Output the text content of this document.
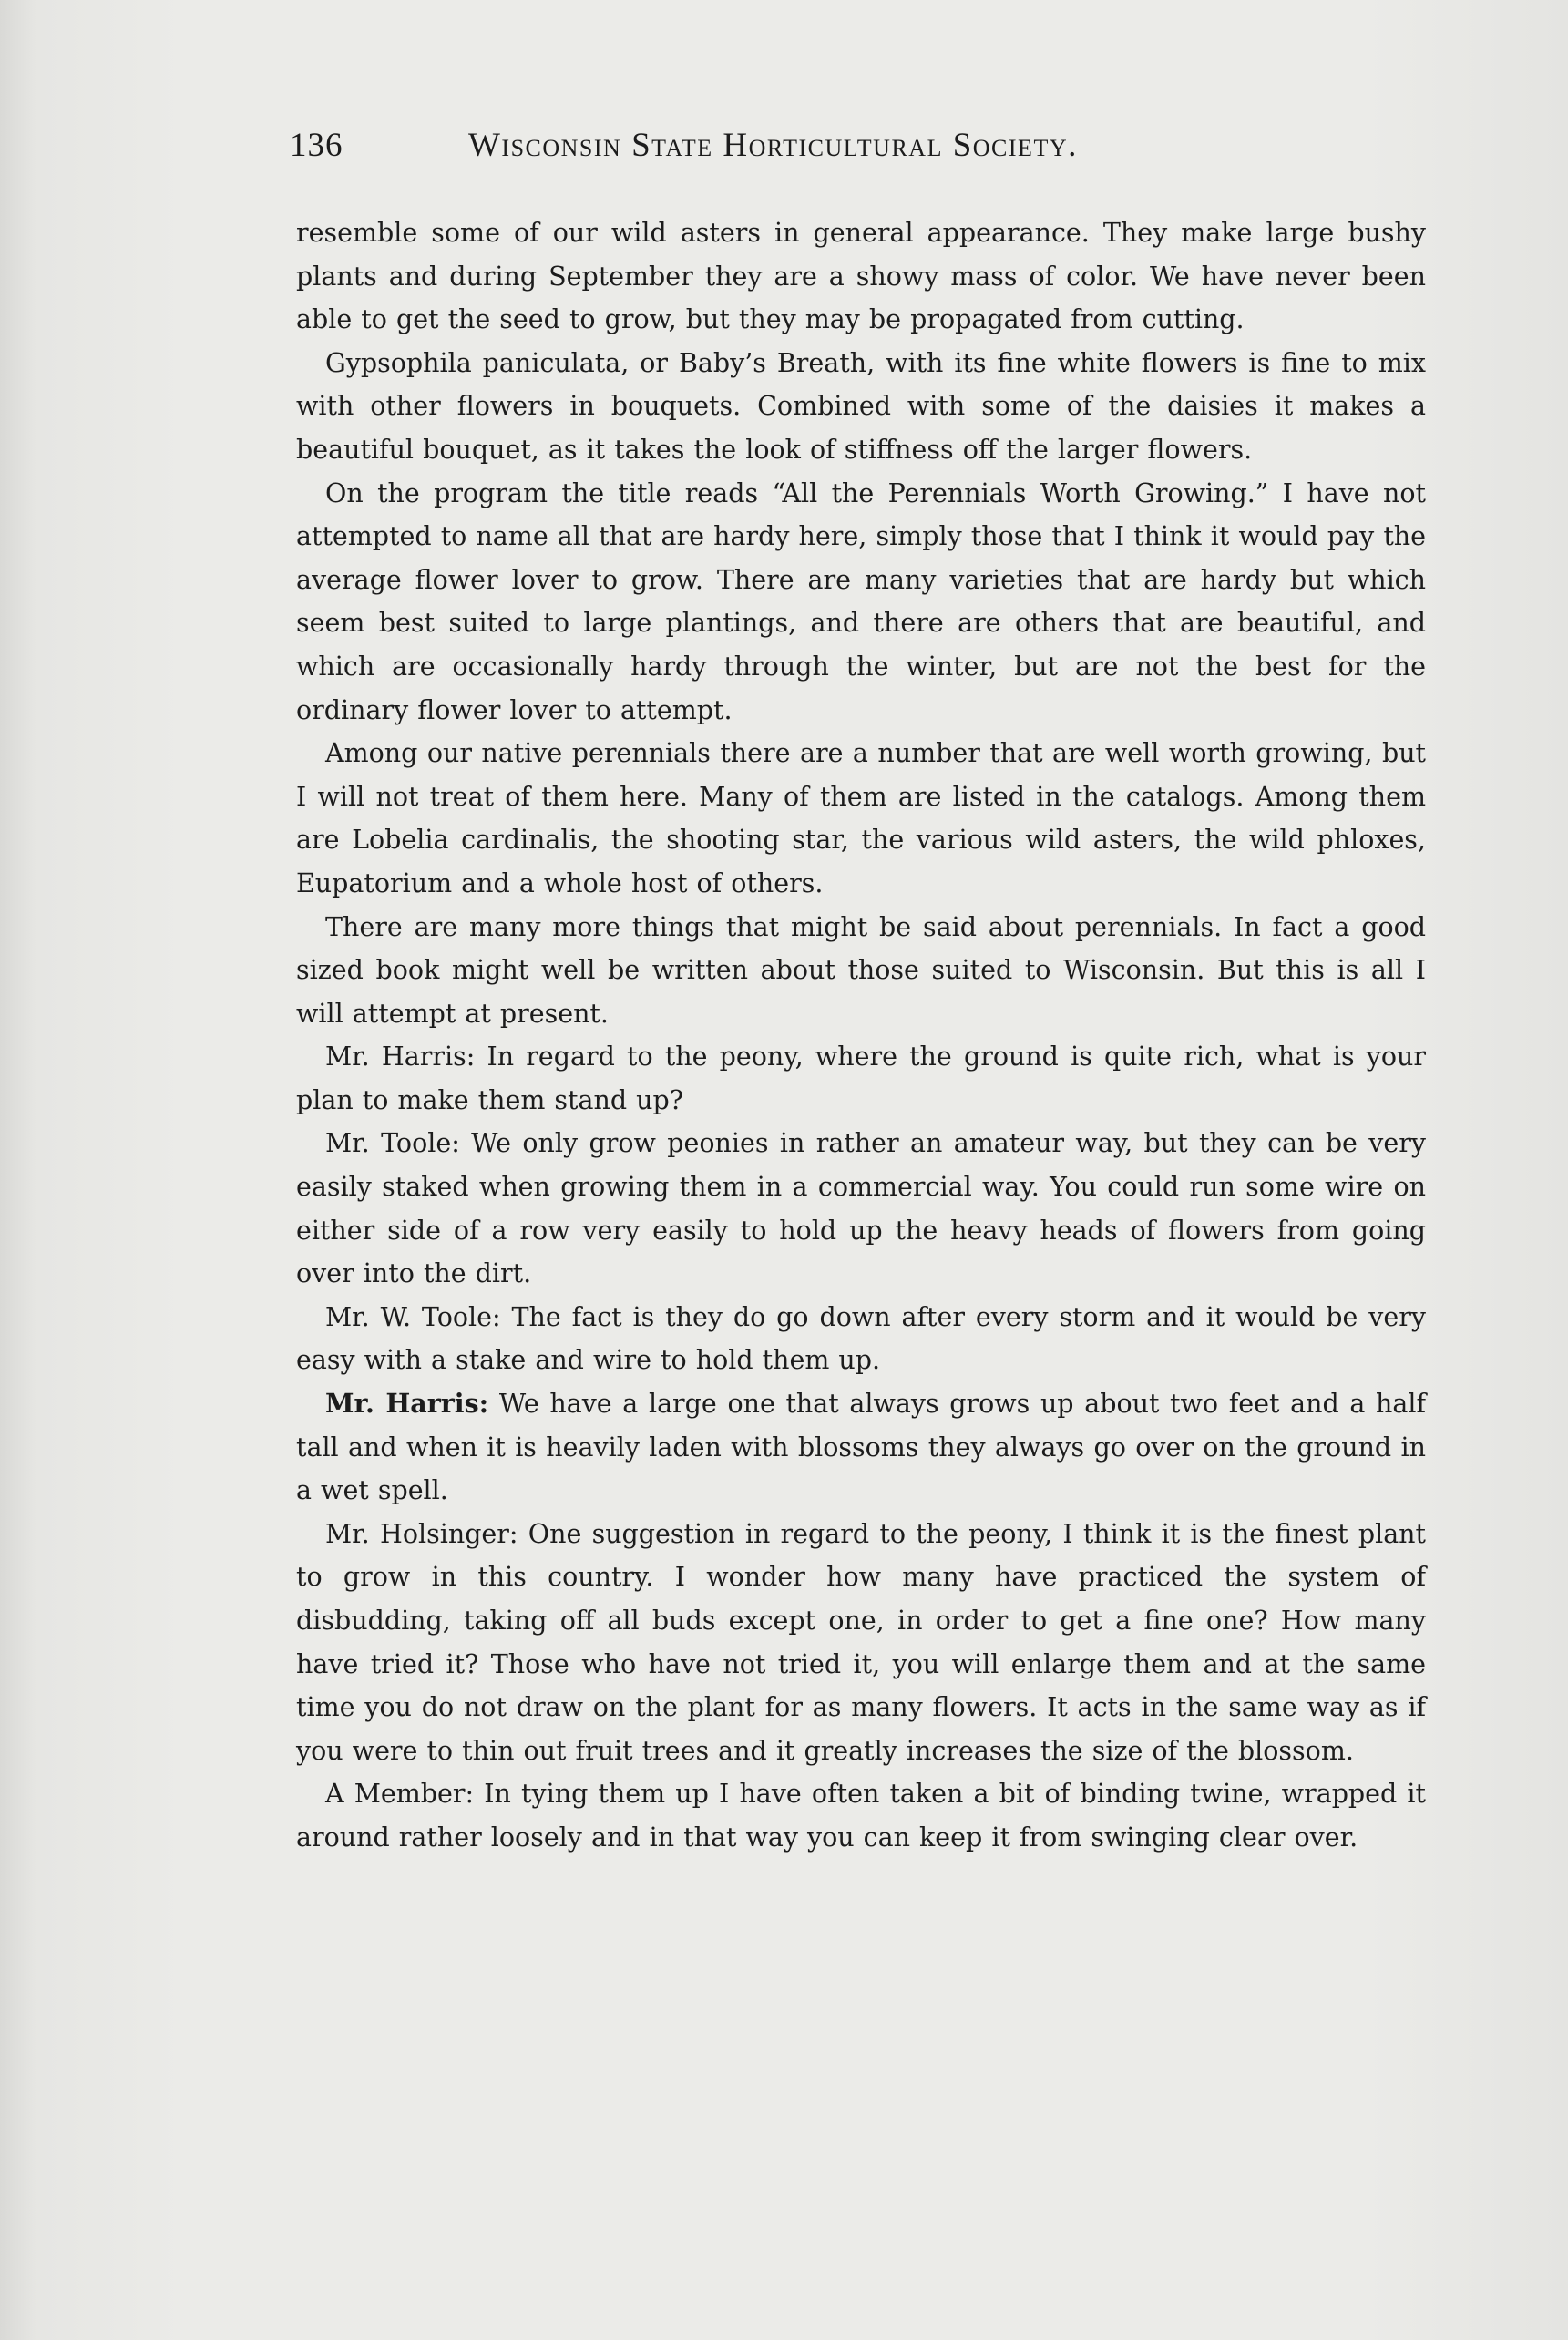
136	Wisconsin State Horticultural Society.

resemble some of our wild asters in general appearance. They make large bushy plants and during September they are a showy mass of color. We have never been able to get the seed to grow, but they may be propagated from cutting.

Gypsophila paniculata, or Baby’s Breath, with its fine white flowers is fine to mix with other flowers in bouquets. Combined with some of the daisies it makes a beautiful bouquet, as it takes the look of stiffness off the larger flowers.

On the program the title reads “All the Perennials Worth Growing.” I have not attempted to name all that are hardy here, simply those that I think it would pay the average flower lover to grow. There are many varieties that are hardy but which seem best suited to large plantings, and there are others that are beautiful, and which are occasionally hardy through the winter, but are not the best for the ordinary flower lover to attempt.

Among our native perennials there are a number that are well worth growing, but I will not treat of them here. Many of them are listed in the catalogs. Among them are Lobelia cardinalis, the shooting star, the various wild asters, the wild phloxes, Eupatorium and a whole host of others.

There are many more things that might be said about perennials. In fact a good sized book might well be written about those suited to Wisconsin. But this is all I will attempt at present.

Mr. Harris: In regard to the peony, where the ground is quite rich, what is your plan to make them stand up?

Mr. Toole: We only grow peonies in rather an amateur way, but they can be very easily staked when growing them in a commercial way. You could run some wire on either side of a row very easily to hold up the heavy heads of flowers from going over into the dirt.

Mr. W. Toole: The fact is they do go down after every storm and it would be very easy with a stake and wire to hold them up.

Mr. Harris: We have a large one that always grows up about two feet and a half tall and when it is heavily laden with blossoms they always go over on the ground in a wet spell.

Mr. Holsinger: One suggestion in regard to the peony, I think it is the finest plant to grow in this country. I wonder how many have practiced the system of disbudding, taking off all buds except one, in order to get a fine one? How many have tried it? Those who have not tried it, you will enlarge them and at the same time you do not draw on the plant for as many flowers. It acts in the same way as if you were to thin out fruit trees and it greatly increases the size of the blossom.

A Member: In tying them up I have often taken a bit of binding twine, wrapped it around rather loosely and in that way you can keep it from swinging clear over.
